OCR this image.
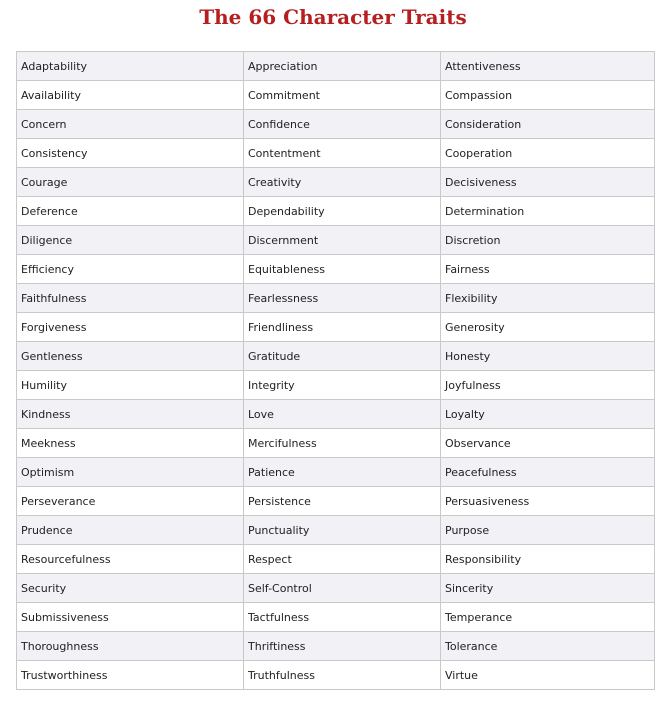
The 66 Character Traits
Adaptability	Appreciation	Attentiveness
Availability	Commitment	Compassion
Concern	Confidence	Consideration
Consistency	Contentment	Cooperation
Courage	Creativity	Decisiveness
Deference	Dependability	Determination
Diligence	Discernment	Discretion
Efficiency	Equitableness	Fairness
Faithfulness	Fearlessness	Flexibility
Forgiveness	Friendliness	Generosity
Gentleness	Gratitude	Honesty
Humility	Integrity	Joyfulness
Kindness	Love	Loyalty
Meekness	Mercifulness	Observance
Optimism	Patience	Peacefulness
Perseverance	Persistence	Persuasiveness
Prudence	Punctuality	Purpose
Resourcefulness	Respect	Responsibility
Security	Self-Control	Sincerity
Submissiveness	Tactfulness	Temperance
Thoroughness	Thriftiness	Tolerance
Trustworthiness	Truthfulness	Virtue
